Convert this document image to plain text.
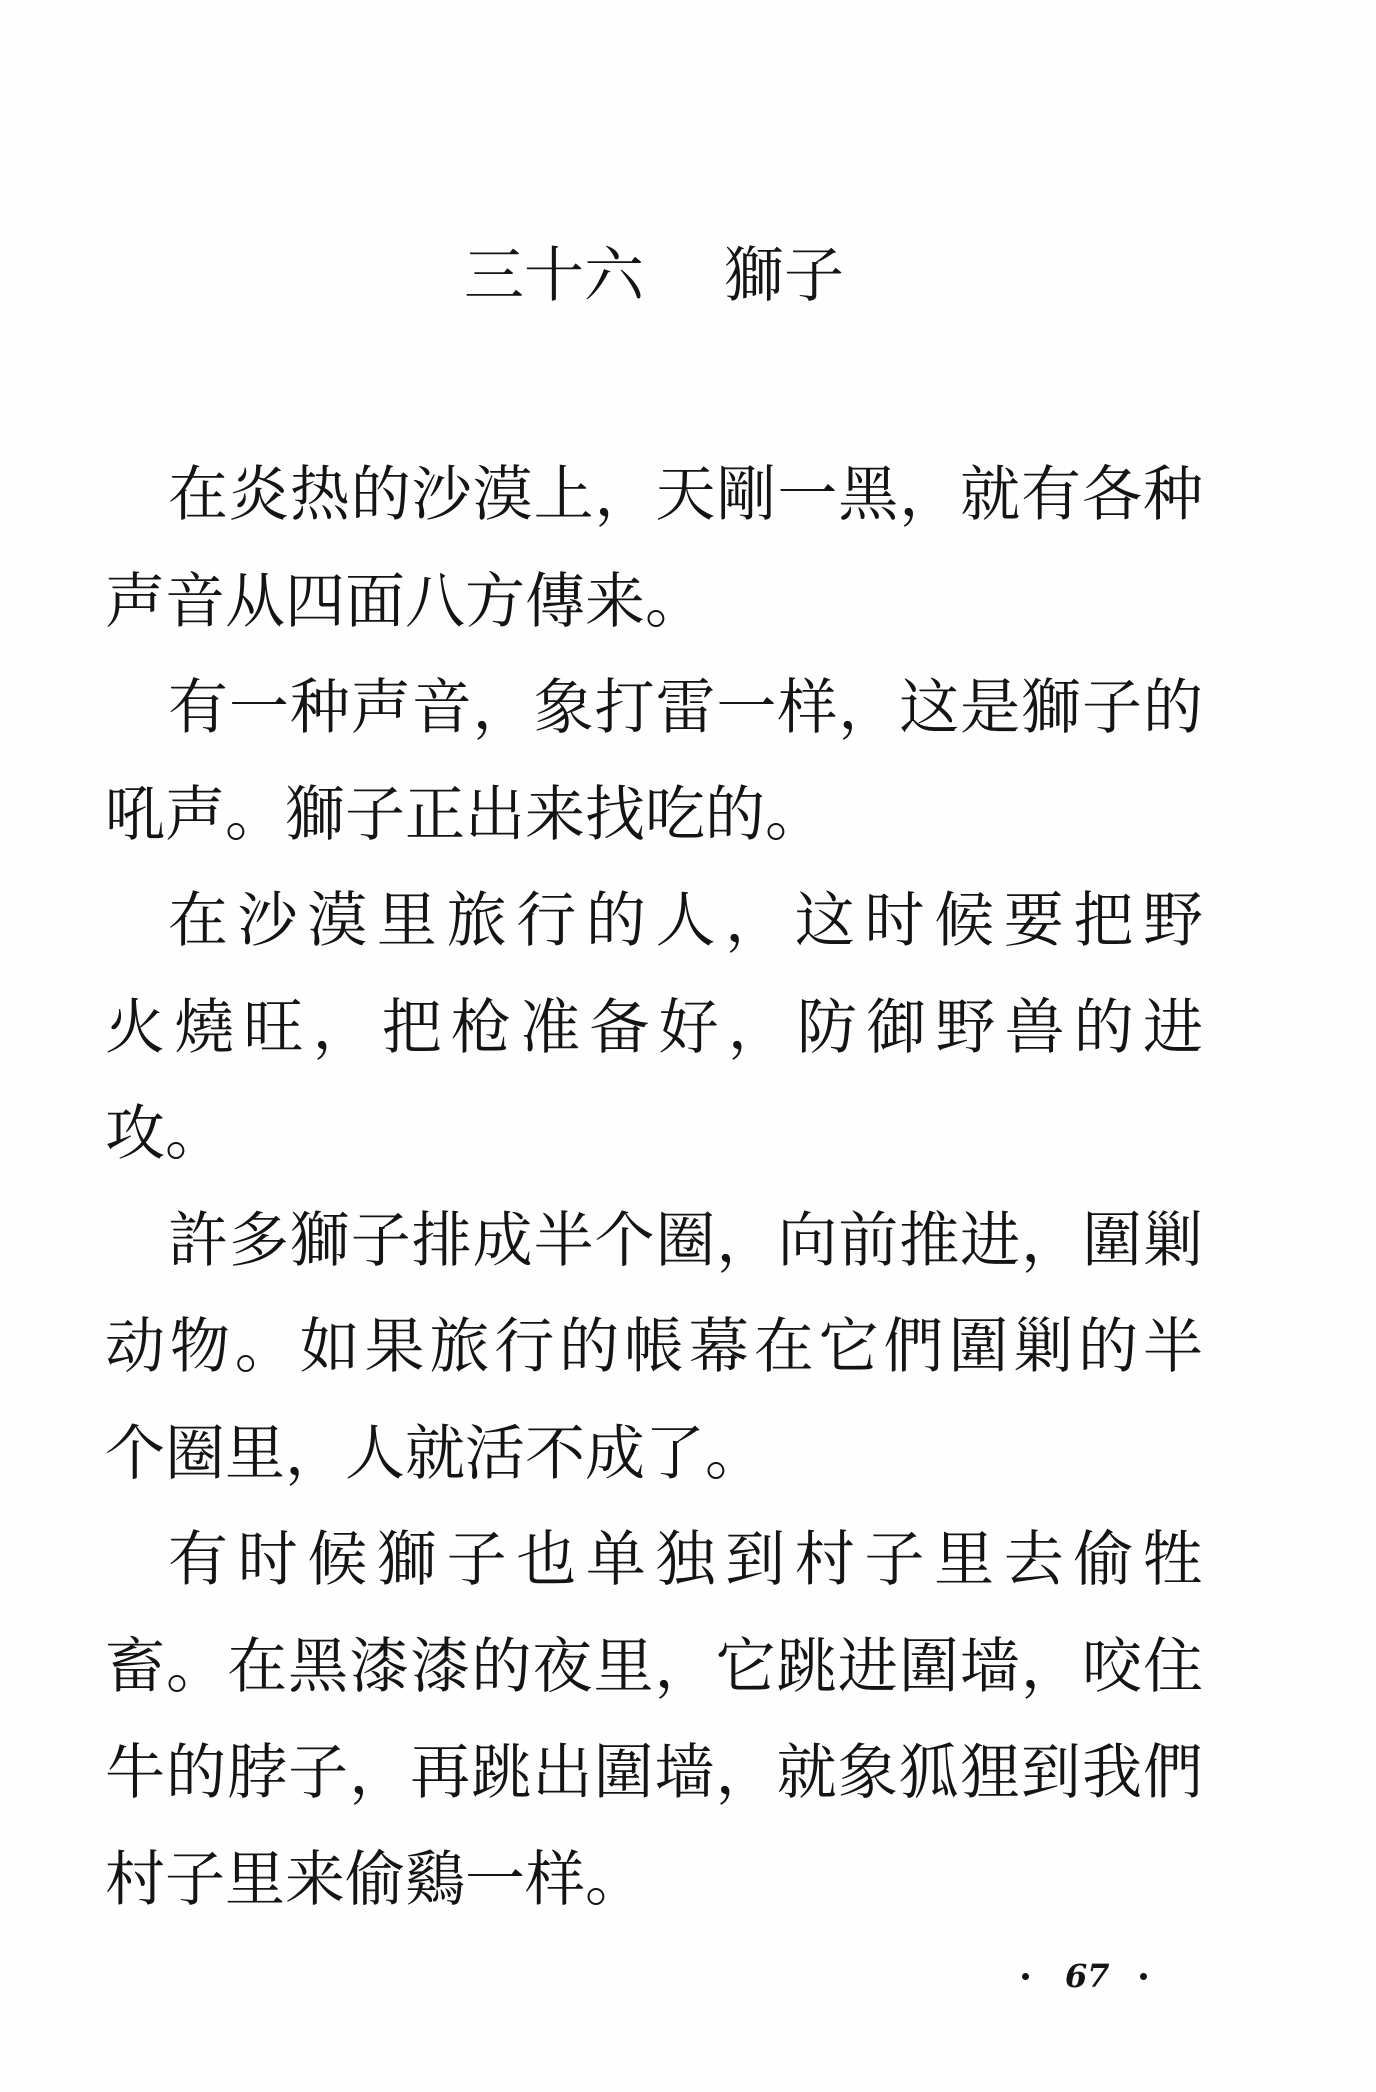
三十六 獅子
在炎热的沙漠上，天剛一黑，就有各种
声音从四面八方傳来。
有一种声音，象打雷一样，这是獅子的
吼声。獅子正出来找吃的。
在沙漠里旅行的人，这时候要把野
火燒旺，把枪准备好，防御野兽的进
攻。
許多獅子排成半个圈，向前推进，圍剿
动物。如果旅行的帳幕在它們圍剿的半
个圈里，人就活不成了。
有时候獅子也单独到村子里去偷牲
畜。在黑漆漆的夜里，它跳进圍墙，咬住
牛的脖子，再跳出圍墙，就象狐狸到我們
村子里来偷鷄一样。
67
